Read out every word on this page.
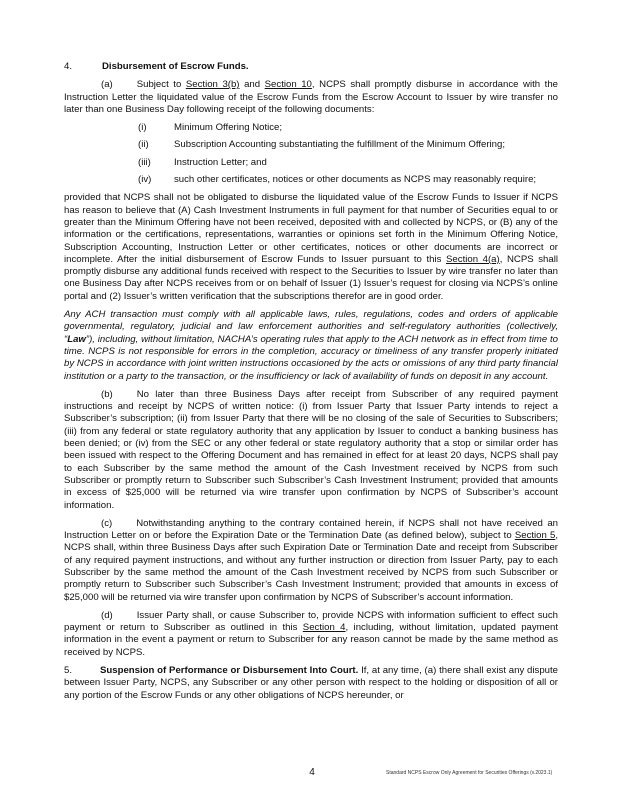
4.	Disbursement of Escrow Funds.

(a)	Subject to Section 3(b) and Section 10, NCPS shall promptly disburse in accordance with the Instruction Letter the liquidated value of the Escrow Funds from the Escrow Account to Issuer by wire transfer no later than one Business Day following receipt of the following documents:

(i)	Minimum Offering Notice;
(ii)	Subscription Accounting substantiating the fulfillment of the Minimum Offering;
(iii)	Instruction Letter; and
(iv)	such other certificates, notices or other documents as NCPS may reasonably require;

provided that NCPS shall not be obligated to disburse the liquidated value of the Escrow Funds to Issuer if NCPS has reason to believe that (A) Cash Investment Instruments in full payment for that number of Securities equal to or greater than the Minimum Offering have not been received, deposited with and collected by NCPS, or (B) any of the information or the certifications, representations, warranties or opinions set forth in the Minimum Offering Notice, Subscription Accounting, Instruction Letter or other certificates, notices or other documents are incorrect or incomplete. After the initial disbursement of Escrow Funds to Issuer pursuant to this Section 4(a), NCPS shall promptly disburse any additional funds received with respect to the Securities to Issuer by wire transfer no later than one Business Day after NCPS receives from or on behalf of Issuer (1) Issuer’s request for closing via NCPS’s online portal and (2) Issuer’s written verification that the subscriptions therefor are in good order.

Any ACH transaction must comply with all applicable laws, rules, regulations, codes and orders of applicable governmental, regulatory, judicial and law enforcement authorities and self-regulatory authorities (collectively, “Law”), including, without limitation, NACHA’s operating rules that apply to the ACH network as in effect from time to time. NCPS is not responsible for errors in the completion, accuracy or timeliness of any transfer properly initiated by NCPS in accordance with joint written instructions occasioned by the acts or omissions of any third party financial institution or a party to the transaction, or the insufficiency or lack of availability of funds on deposit in any account.

(b)	No later than three Business Days after receipt from Subscriber of any required payment instructions and receipt by NCPS of written notice: (i) from Issuer Party that Issuer Party intends to reject a Subscriber’s subscription; (ii) from Issuer Party that there will be no closing of the sale of Securities to Subscribers; (iii) from any federal or state regulatory authority that any application by Issuer to conduct a banking business has been denied; or (iv) from the SEC or any other federal or state regulatory authority that a stop or similar order has been issued with respect to the Offering Document and has remained in effect for at least 20 days, NCPS shall pay to each Subscriber by the same method the amount of the Cash Investment received by NCPS from such Subscriber or promptly return to Subscriber such Subscriber’s Cash Investment Instrument; provided that amounts in excess of $25,000 will be returned via wire transfer upon confirmation by NCPS of Subscriber’s account information.

(c)	Notwithstanding anything to the contrary contained herein, if NCPS shall not have received an Instruction Letter on or before the Expiration Date or the Termination Date (as defined below), subject to Section 5, NCPS shall, within three Business Days after such Expiration Date or Termination Date and receipt from Subscriber of any required payment instructions, and without any further instruction or direction from Issuer Party, pay to each Subscriber by the same method the amount of the Cash Investment received by NCPS from such Subscriber or promptly return to Subscriber such Subscriber’s Cash Investment Instrument; provided that amounts in excess of $25,000 will be returned via wire transfer upon confirmation by NCPS of Subscriber’s account information.

(d)	Issuer Party shall, or cause Subscriber to, provide NCPS with information sufficient to effect such payment or return to Subscriber as outlined in this Section 4, including, without limitation, updated payment information in the event a payment or return to Subscriber for any reason cannot be made by the same method as received by NCPS.

5.	Suspension of Performance or Disbursement Into Court. If, at any time, (a) there shall exist any dispute between Issuer Party, NCPS, any Subscriber or any other person with respect to the holding or disposition of all or any portion of the Escrow Funds or any other obligations of NCPS hereunder, or

4	Standard NCPS Escrow Only Agreement for Securities Offerings (v.2023.1)
